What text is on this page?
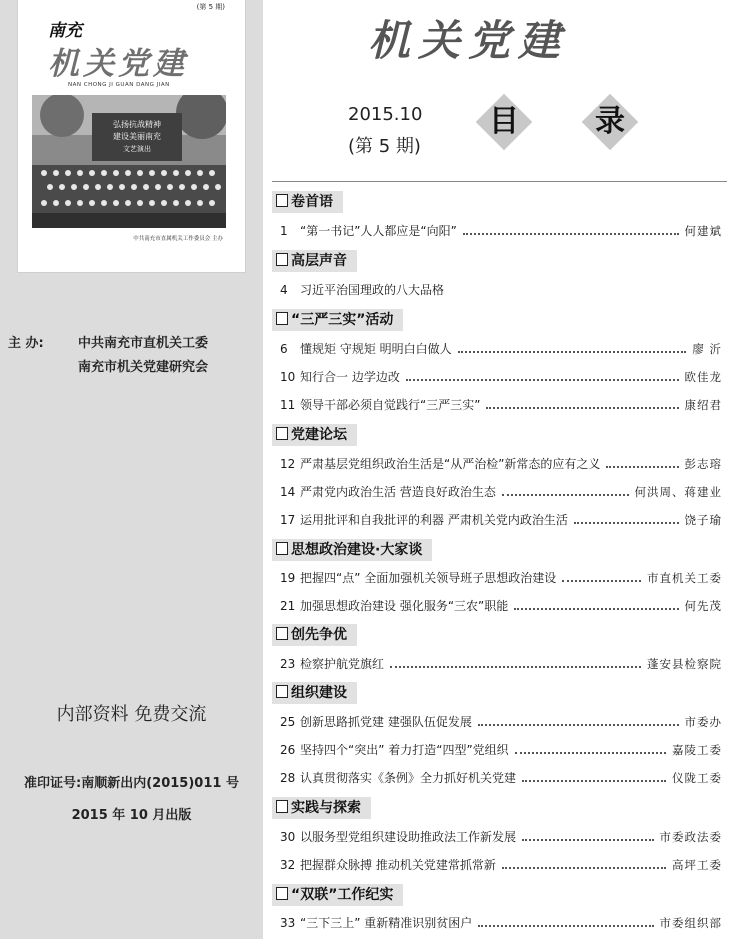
(第 5 期)
南充
机关党建
NAN CHONG JI GUAN DANG JIAN
弘扬抗战精神
建设美丽南充
文艺演出
中共南充市直属机关工作委员会 主办
主 办:	中共南充市直机关工委
南充市机关党建研究会
内部资料 免费交流
准印证号:南顺新出内(2015)011 号
2015 年 10 月出版
机关党建
2015.10
(第 5 期)
目	录
卷首语
1	“第一书记”人人都应是“向阳”	何建斌
高层声音
4	习近平治国理政的八大品格
“三严三实”活动
6	懂规矩 守规矩 明明白白做人	廖 沂
10 知行合一 边学边改	欧佳龙
11 领导干部必须自觉践行“三严三实”	康绍君
党建论坛
12 严肃基层党组织政治生活是“从严治检”新常态的应有之义	彭志瑢
14 严肃党内政治生活 营造良好政治生态	何洪周、蒋建业
17 运用批评和自我批评的利器 严肃机关党内政治生活	饶子瑜
思想政治建设·大家谈
19 把握四“点” 全面加强机关领导班子思想政治建设	市直机关工委
21 加强思想政治建设 强化服务“三农”职能	何先茂
创先争优
23 检察护航党旗红	蓬安县检察院
组织建设
25 创新思路抓党建 建强队伍促发展	市委办
26 坚持四个“突出” 着力打造“四型”党组织	嘉陵工委
28 认真贯彻落实《条例》全力抓好机关党建	仪陇工委
实践与探索
30 以服务型党组织建设助推政法工作新发展	市委政法委
32 把握群众脉搏 推动机关党建常抓常新	高坪工委
“双联”工作纪实
33 “三下三上” 重新精准识别贫困户	市委组织部
